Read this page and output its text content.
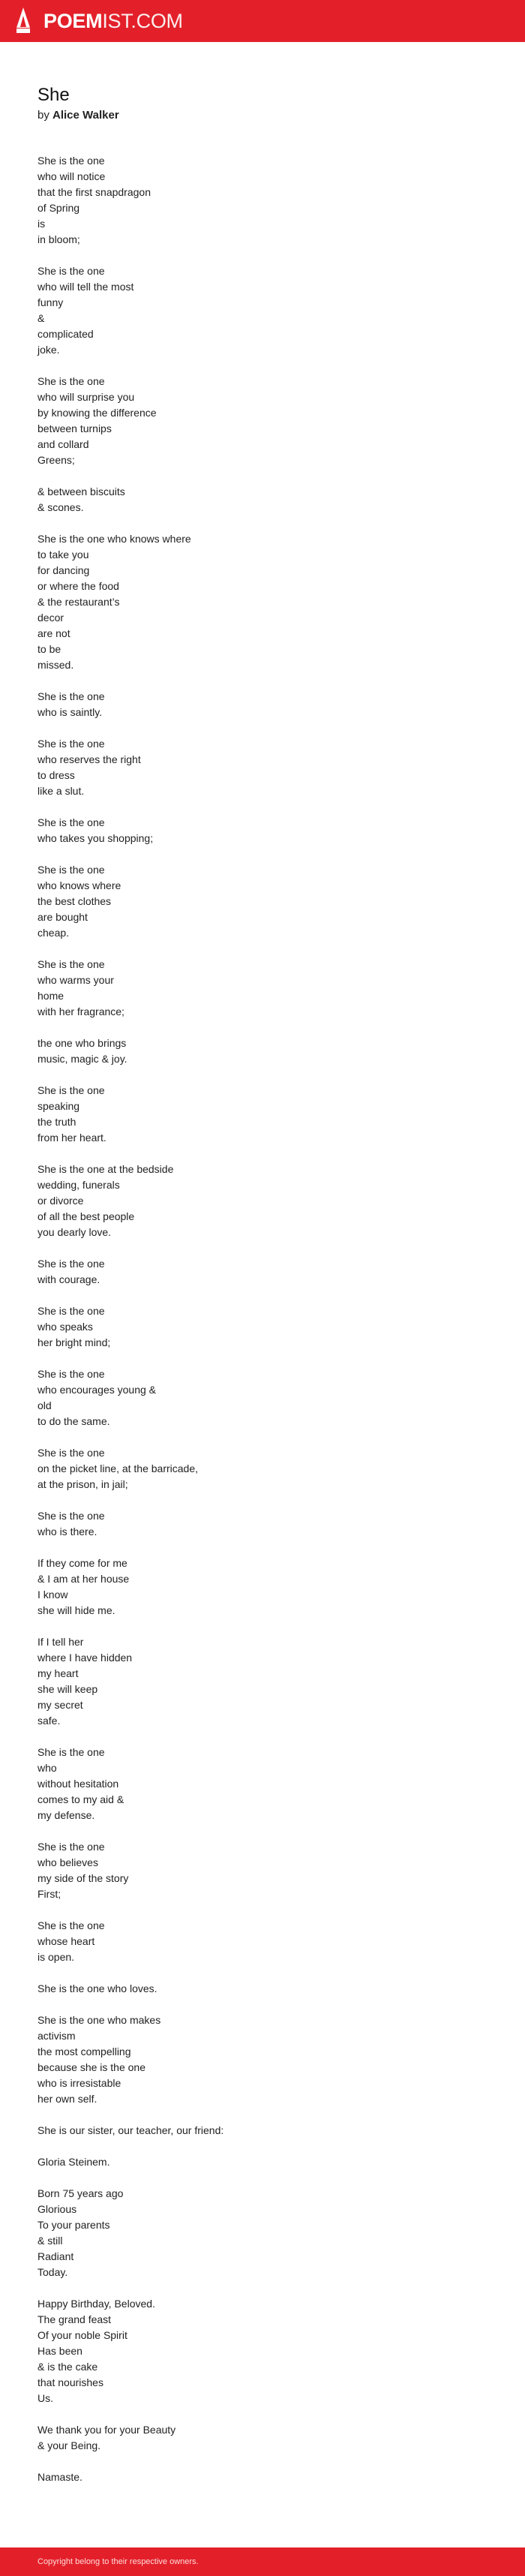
POEMIST.COM
She
by Alice Walker
She is the one
who will notice
that the first snapdragon
of Spring
is
in bloom;
She is the one
who will tell the most
funny
&
complicated
joke.
She is the one
who will surprise you
by knowing the difference
between turnips
and collard
Greens;
& between biscuits
& scones.
She is the one who knows where
to take you
for dancing
or where the food
& the restaurant’s
decor
are not
to be
missed.
She is the one
who is saintly.
She is the one
who reserves the right
to dress
like a slut.
She is the one
who takes you shopping;
She is the one
who knows where
the best clothes
are bought
cheap.
She is the one
who warms your
home
with her fragrance;
the one who brings
music, magic & joy.
She is the one
speaking
the truth
from her heart.
She is the one at the bedside
wedding, funerals
or divorce
of all the best people
you dearly love.
She is the one
with courage.
She is the one
who speaks
her bright mind;
She is the one
who encourages young &
old
to do the same.
She is the one
on the picket line, at the barricade,
at the prison, in jail;
She is the one
who is there.
If they come for me
& I am at her house
I know
she will hide me.
If I tell her
where I have hidden
my heart
she will keep
my secret
safe.
She is the one
who
without hesitation
comes to my aid &
my defense.
She is the one
who believes
my side of the story
First;
She is the one
whose heart
is open.
She is the one who loves.
She is the one who makes
activism
the most compelling
because she is the one
who is irresistable
her own self.
She is our sister, our teacher, our friend:
Gloria Steinem.
Born 75 years ago
Glorious
To your parents
& still
Radiant
Today.
Happy Birthday, Beloved.
The grand feast
Of your noble Spirit
Has been
& is the cake
that nourishes
Us.
We thank you for your Beauty
& your Being.
Namaste.
Copyright belong to their respective owners.
